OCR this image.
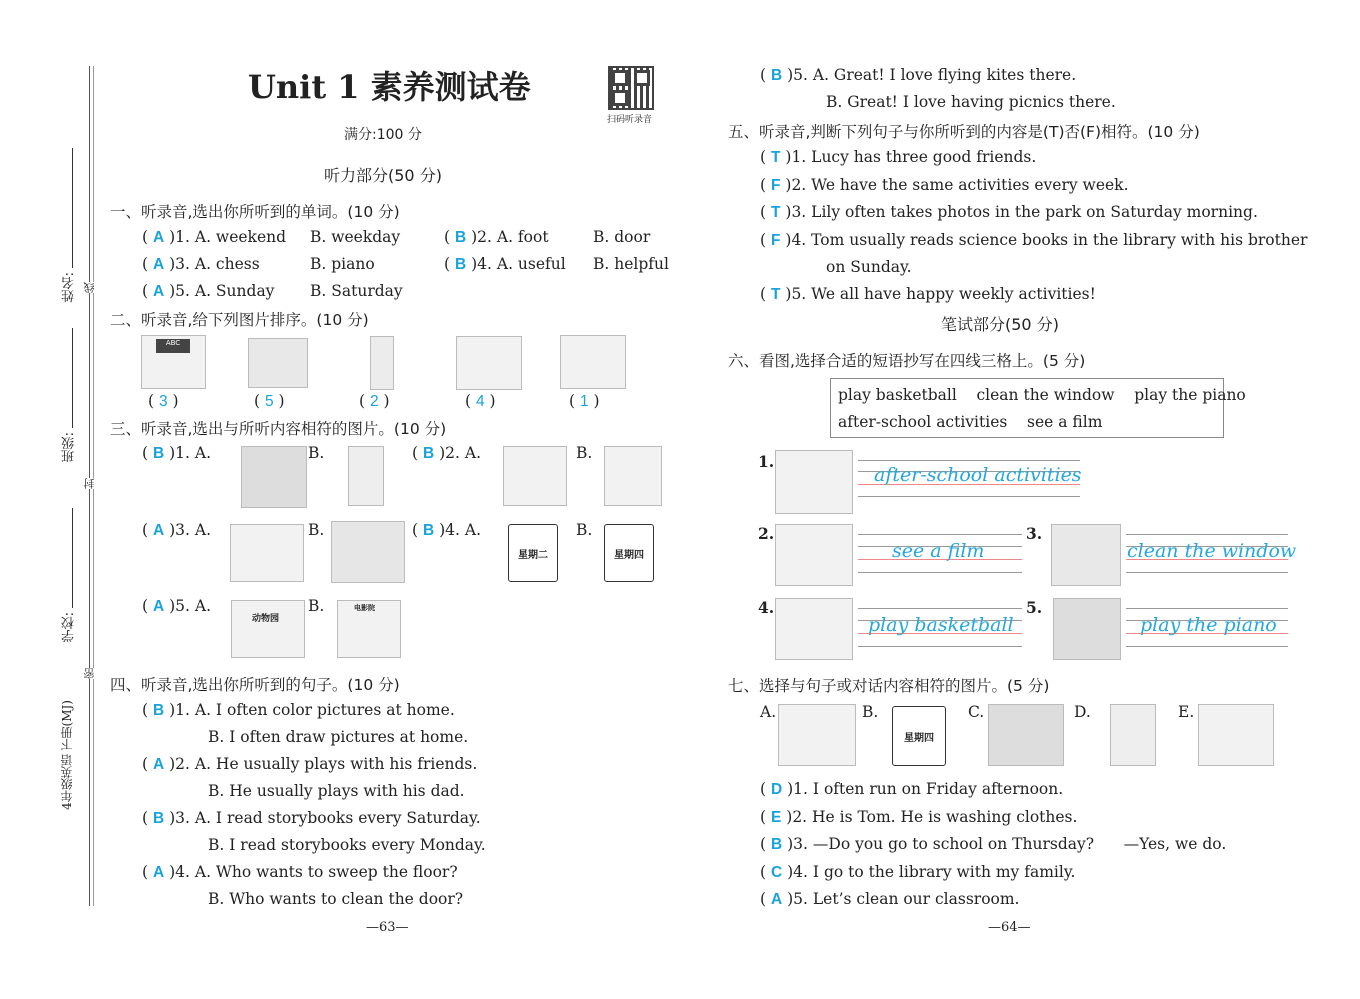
姓名:
班级:
学校:
4年级英语 下册(MJ)
线
封
密
Unit 1 素养测试卷
扫码听录音
满分:100 分
听力部分(50 分)
一、听录音,选出你所听到的单词。(10 分)
( A )1. A. weekend B. weekday	( B )2. A. foot	B. door
( A )3. A. chess	B. piano	( B )4. A. useful B. helpful
( A )5. A. Sunday B. Saturday
二、听录音,给下列图片排序。(10 分)
ABC
( 3 )	( 5 )	( 2 )	( 4 )	( 1 )
三、听录音,选出与所听内容相符的图片。(10 分)
( B )1. A.	B.	( B )2. A.	B.
( A )3. A.	B.	( B )4. A.
星期二
B.
星期四
( A )5. A.
动物园
B.	电影院
四、听录音,选出你所听到的句子。(10 分)
( B )1. A. I often color pictures at home.
B. I often draw pictures at home.
( A )2. A. He usually plays with his friends.
B. He usually plays with his dad.
( B )3. A. I read storybooks every Saturday.
B. I read storybooks every Monday.
( A )4. A. Who wants to sweep the floor?
B. Who wants to clean the door?
—63—
( B )5. A. Great! I love flying kites there.
B. Great! I love having picnics there.
五、听录音,判断下列句子与你所听到的内容是(T)否(F)相符。(10 分)
( T )1. Lucy has three good friends.
( F )2. We have the same activities every week.
( T )3. Lily often takes photos in the park on Saturday morning.
( F )4. Tom usually reads science books in the library with his brother
on Sunday.
( T )5. We all have happy weekly activities!
笔试部分(50 分)
六、看图,选择合适的短语抄写在四线三格上。(5 分)
play basketball    clean the window    play the piano
after-school activities    see a film
1.
after-school activities
2.
see a film
3.
clean the window
4.
play basketball
5.
play the piano
七、选择与句子或对话内容相符的图片。(5 分)
A.	B.
星期四
C.	D.	E.
( D )1. I often run on Friday afternoon.
( E )2. He is Tom. He is washing clothes.
( B )3. —Do you go to school on Thursday?      —Yes, we do.
( C )4. I go to the library with my family.
( A )5. Let’s clean our classroom.
—64—
